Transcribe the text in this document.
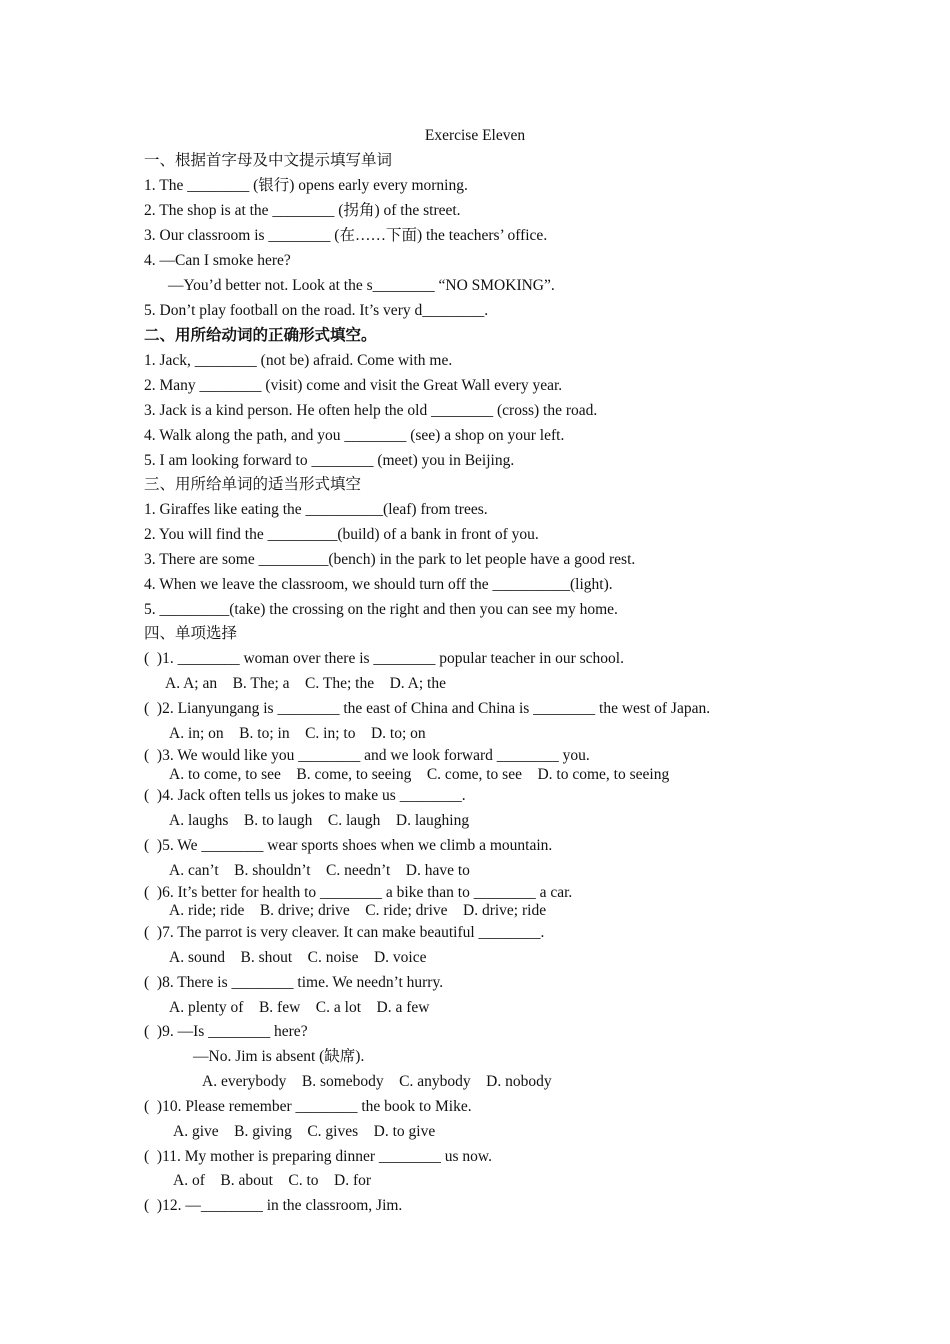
Exercise Eleven
一、根据首字母及中文提示填写单词
1. The ________ (银行) opens early every morning.
2. The shop is at the ________ (拐角) of the street.
3. Our classroom is ________ (在……下面) the teachers’ office.
4. —Can I smoke here?
—You’d better not. Look at the s________ “NO SMOKING”.
5. Don’t play football on the road. It’s very d________.
二、用所给动词的正确形式填空。
1. Jack, ________ (not be) afraid. Come with me.
2. Many ________ (visit) come and visit the Great Wall every year.
3. Jack is a kind person. He often help the old ________ (cross) the road.
4. Walk along the path, and you ________ (see) a shop on your left.
5. I am looking forward to ________ (meet) you in Beijing.
三、用所给单词的适当形式填空
1. Giraffes like eating the __________(leaf) from trees.
2. You will find the _________(build) of a bank in front of you.
3. There are some _________(bench) in the park to let people have a good rest.
4. When we leave the classroom, we should turn off the __________(light).
5. _________(take) the crossing on the right and then you can see my home.
四、单项选择
(  )1. ________ woman over there is ________ popular teacher in our school.
A. A; an    B. The; a    C. The; the    D. A; the
(  )2. Lianyungang is ________ the east of China and China is ________ the west of Japan.
A. in; on    B. to; in    C. in; to    D. to; on
(  )3. We would like you ________ and we look forward ________ you.
A. to come, to see    B. come, to seeing    C. come, to see    D. to come, to seeing
(  )4. Jack often tells us jokes to make us ________.
A. laughs    B. to laugh    C. laugh    D. laughing
(  )5. We ________ wear sports shoes when we climb a mountain.
A. can’t    B. shouldn’t    C. needn’t    D. have to
(  )6. It’s better for health to ________ a bike than to ________ a car.
A. ride; ride    B. drive; drive    C. ride; drive    D. drive; ride
(  )7. The parrot is very cleaver. It can make beautiful ________.
A. sound    B. shout    C. noise    D. voice
(  )8. There is ________ time. We needn’t hurry.
A. plenty of    B. few    C. a lot    D. a few
(  )9. —Is ________ here?
—No. Jim is absent (缺席).
A. everybody    B. somebody    C. anybody    D. nobody
(  )10. Please remember ________ the book to Mike.
A. give    B. giving    C. gives    D. to give
(  )11. My mother is preparing dinner ________ us now.
A. of    B. about    C. to    D. for
(  )12. —________ in the classroom, Jim.
